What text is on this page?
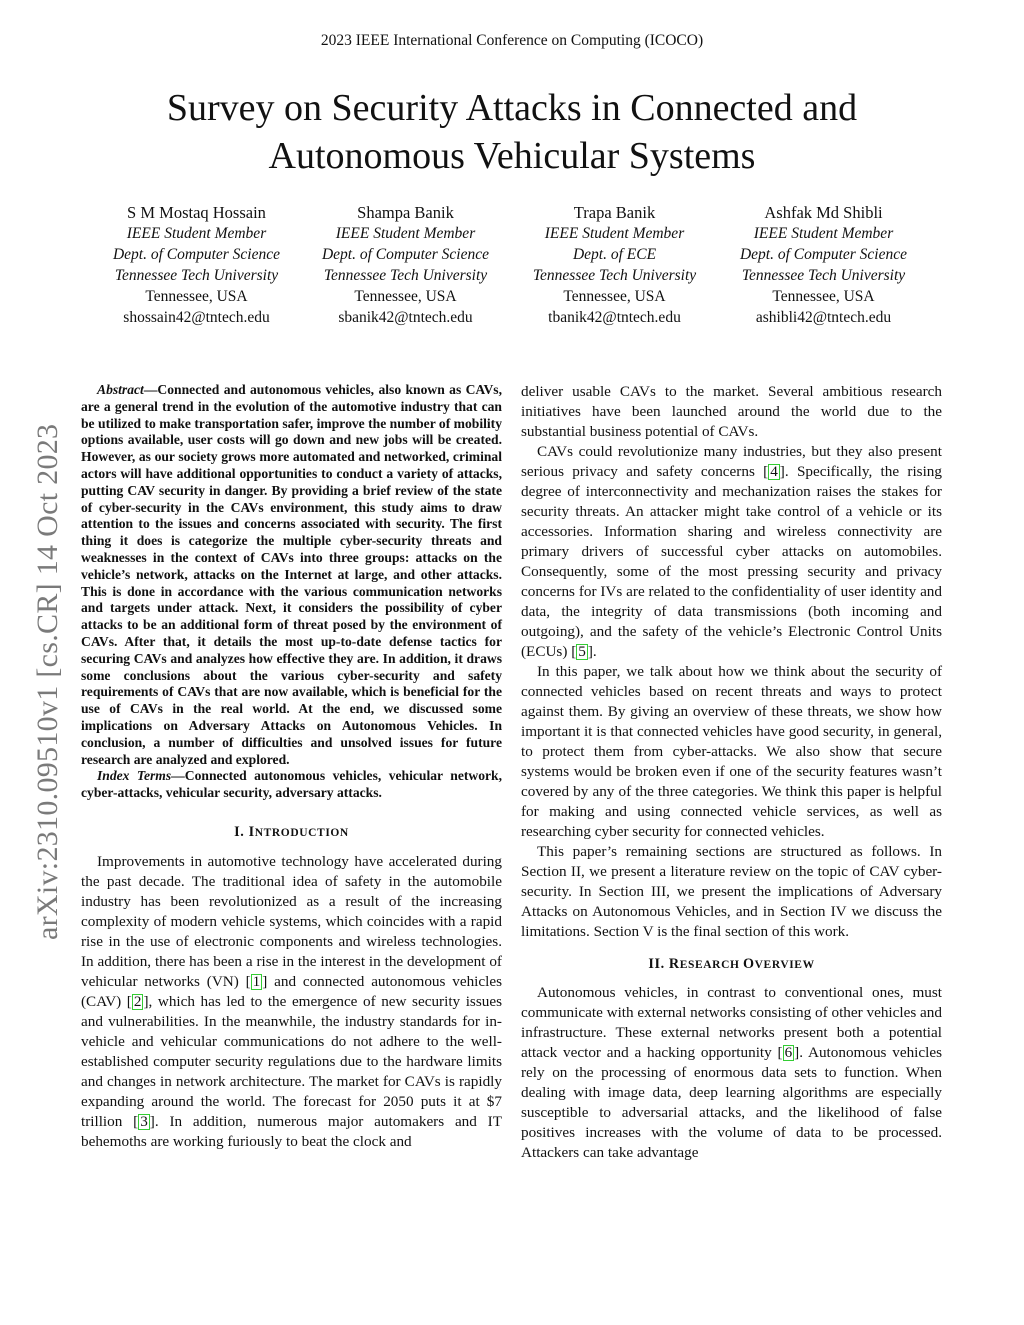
2023 IEEE International Conference on Computing (ICOCO)
Survey on Security Attacks in Connected and
Autonomous Vehicular Systems
S M Mostaq Hossain
IEEE Student Member
Dept. of Computer Science
Tennessee Tech University
Tennessee, USA
shossain42@tntech.edu
Shampa Banik
IEEE Student Member
Dept. of Computer Science
Tennessee Tech University
Tennessee, USA
sbanik42@tntech.edu
Trapa Banik
IEEE Student Member
Dept. of ECE
Tennessee Tech University
Tennessee, USA
tbanik42@tntech.edu
Ashfak Md Shibli
IEEE Student Member
Dept. of Computer Science
Tennessee Tech University
Tennessee, USA
ashibli42@tntech.edu
arXiv:2310.09510v1 [cs.CR] 14 Oct 2023

Abstract—Connected and autonomous vehicles, also known as CAVs, are a general trend in the evolution of the automotive industry that can be utilized to make transportation safer, improve the number of mobility options available, user costs will go down and new jobs will be created. However, as our society grows more automated and networked, criminal actors will have additional opportunities to conduct a variety of attacks, putting CAV security in danger. By providing a brief review of the state of cyber-security in the CAVs environment, this study aims to draw attention to the issues and concerns associated with security. The first thing it does is categorize the multiple cyber-security threats and weaknesses in the context of CAVs into three groups: attacks on the vehicle’s network, attacks on the Internet at large, and other attacks. This is done in accordance with the various communication networks and targets under attack. Next, it considers the possibility of cyber attacks to be an additional form of threat posed by the environment of CAVs. After that, it details the most up-to-date defense tactics for securing CAVs and analyzes how effective they are. In addition, it draws some conclusions about the various cyber-security and safety requirements of CAVs that are now available, which is beneficial for the use of CAVs in the real world. At the end, we discussed some implications on Adversary Attacks on Autonomous Vehicles. In conclusion, a number of difficulties and unsolved issues for future research are analyzed and explored.

Index Terms—Connected autonomous vehicles, vehicular network, cyber-attacks, vehicular security, adversary attacks.

I. INTRODUCTION

Improvements in automotive technology have accelerated during the past decade. The traditional idea of safety in the automobile industry has been revolutionized as a result of the increasing complexity of modern vehicle systems, which coincides with a rapid rise in the use of electronic components and wireless technologies. In addition, there has been a rise in the interest in the development of vehicular networks (VN) [ 1 ] and connected autonomous vehicles (CAV) [ 2 ], which has led to the emergence of new security issues and vulnerabilities. In the meanwhile, the industry standards for in-vehicle and vehicular communications do not adhere to the well-established computer security regulations due to the hardware limits and changes in network architecture. The market for CAVs is rapidly expanding around the world. The forecast for 2050 puts it at $7 trillion [ 3 ]. In addition, numerous major automakers and IT behemoths are working furiously to beat the clock and

deliver usable CAVs to the market. Several ambitious research initiatives have been launched around the world due to the substantial business potential of CAVs.

CAVs could revolutionize many industries, but they also present serious privacy and safety concerns [ 4 ]. Specifically, the rising degree of interconnectivity and mechanization raises the stakes for security threats. An attacker might take control of a vehicle or its accessories. Information sharing and wireless connectivity are primary drivers of successful cyber attacks on automobiles. Consequently, some of the most pressing security and privacy concerns for IVs are related to the confidentiality of user identity and data, the integrity of data transmissions (both incoming and outgoing), and the safety of the vehicle’s Electronic Control Units (ECUs) [ 5 ].

In this paper, we talk about how we think about the security of connected vehicles based on recent threats and ways to protect against them. By giving an overview of these threats, we show how important it is that connected vehicles have good security, in general, to protect them from cyber-attacks. We also show that secure systems would be broken even if one of the security features wasn’t covered by any of the three categories. We think this paper is helpful for making and using connected vehicle services, as well as researching cyber security for connected vehicles.

This paper’s remaining sections are structured as follows. In Section II, we present a literature review on the topic of CAV cyber-security. In Section III, we present the implications of Adversary Attacks on Autonomous Vehicles, and in Section IV we discuss the limitations. Section V is the final section of this work.

II. RESEARCH OVERVIEW

Autonomous vehicles, in contrast to conventional ones, must communicate with external networks consisting of other vehicles and infrastructure. These external networks present both a potential attack vector and a hacking opportunity [ 6 ]. Autonomous vehicles rely on the processing of enormous data sets to function. When dealing with image data, deep learning algorithms are especially susceptible to adversarial attacks, and the likelihood of false positives increases with the volume of data to be processed. Attackers can take advantage
